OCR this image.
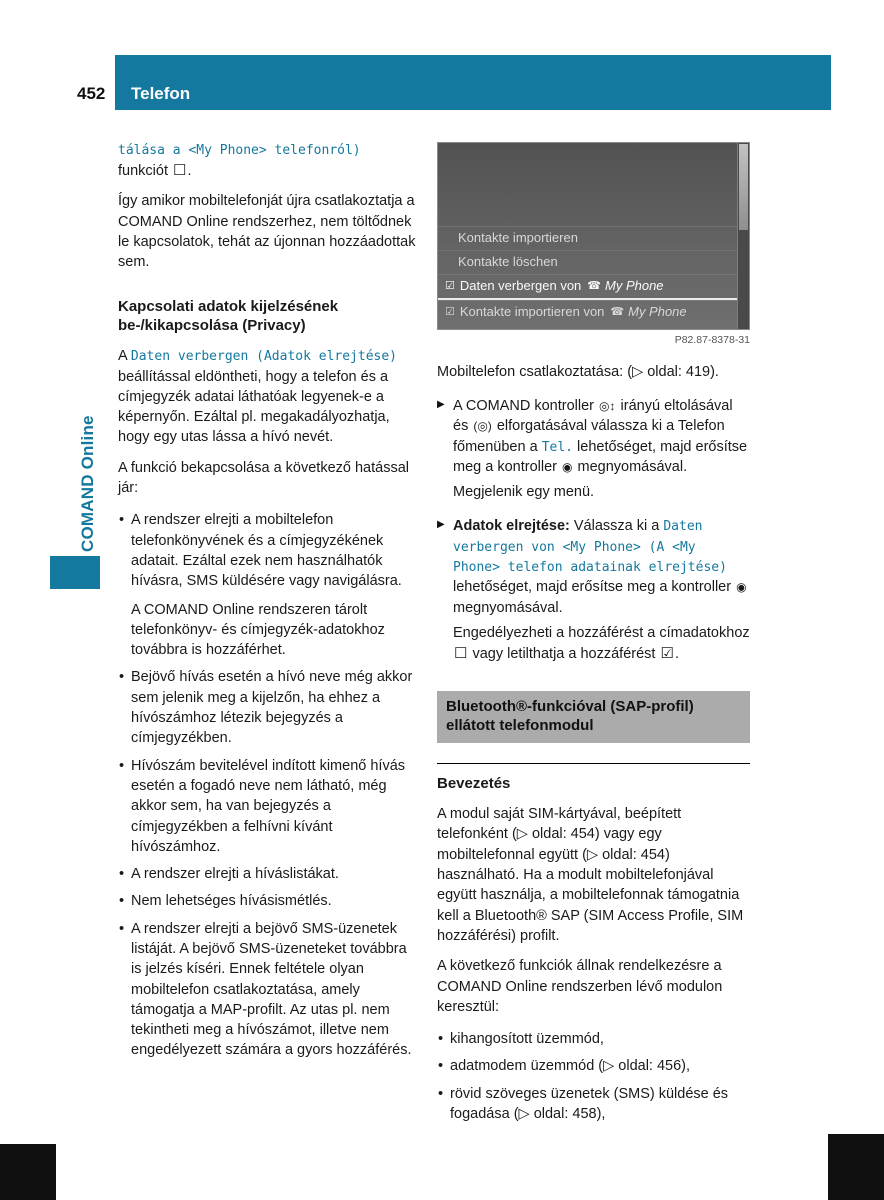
452 Telefon
COMAND Online
tálása a <My Phone> telefonról)
funkciót ☐.

Így amikor mobiltelefonját újra csatlakoztatja a COMAND Online rendszerhez, nem töltődnek le kapcsolatok, tehát az újonnan hozzáadottak sem.

Kapcsolati adatok kijelzésének be-/kikapcsolása (Privacy)

A Daten verbergen (Adatok elrejtése) beállítással eldöntheti, hogy a telefon és a címjegyzék adatai láthatóak legyenek-e a képernyőn. Ezáltal pl. megakadályozhatja, hogy egy utas lássa a hívó nevét.

A funkció bekapcsolása a következő hatással jár:

• A rendszer elrejti a mobiltelefon telefonkönyvének és a címjegyzékének adatait. Ezáltal ezek nem használhatók hívásra, SMS küldésére vagy navigálásra.

A COMAND Online rendszeren tárolt telefonkönyv- és címjegyzék-adatokhoz továbbra is hozzáférhet.

• Bejövő hívás esetén a hívó neve még akkor sem jelenik meg a kijelzőn, ha ehhez a hívószámhoz létezik bejegyzés a címjegyzékben.
• Hívószám bevitelével indított kimenő hívás esetén a fogadó neve nem látható, még akkor sem, ha van bejegyzés a címjegyzékben a felhívni kívánt hívószámhoz.
• A rendszer elrejti a híváslistákat.
• Nem lehetséges hívásismétlés.
• A rendszer elrejti a bejövő SMS-üzenetek listáját. A bejövő SMS-üzeneteket továbbra is jelzés kíséri. Ennek feltétele olyan mobiltelefon csatlakoztatása, amely támogatja a MAP-profilt. Az utas pl. nem tekintheti meg a hívószámot, illetve nem engedélyezett számára a gyors hozzáférés.
Kontakte importieren
Kontakte löschen
☑ Daten verbergen von ☎ My Phone
☑ Kontakte importieren von ☎ My Phone
P82.87-8378-31

Mobiltelefon csatlakoztatása: (▷ oldal: 419).

▶ A COMAND kontroller ◎↕ irányú eltolásával és (◎) elforgatásával válassza ki a Telefon főmenüben a Tel. lehetőséget, majd erősítse meg a kontroller ◉ megnyomásával.

Megjelenik egy menü.

▶ Adatok elrejtése: Válassza ki a Daten verbergen von <My Phone> (A <My Phone> telefon adatainak elrejtése) lehetőséget, majd erősítse meg a kontroller ◉ megnyomásával.

Engedélyezheti a hozzáférést a címadatokhoz ☐ vagy letilthatja a hozzáférést ☑.

Bluetooth®-funkcióval (SAP-profil) ellátott telefonmodul
Bevezetés

A modul saját SIM-kártyával, beépített telefonként (▷ oldal: 454) vagy egy mobiltelefonnal együtt (▷ oldal: 454) használható. Ha a modult mobiltelefonjával együtt használja, a mobiltelefonnak támogatnia kell a Bluetooth® SAP (SIM Access Profile, SIM hozzáférési) profilt.

A következő funkciók állnak rendelkezésre a COMAND Online rendszerben lévő modulon keresztül:

• kihangosított üzemmód,
• adatmodem üzemmód (▷ oldal: 456),
• rövid szöveges üzenetek (SMS) küldése és fogadása (▷ oldal: 458),
